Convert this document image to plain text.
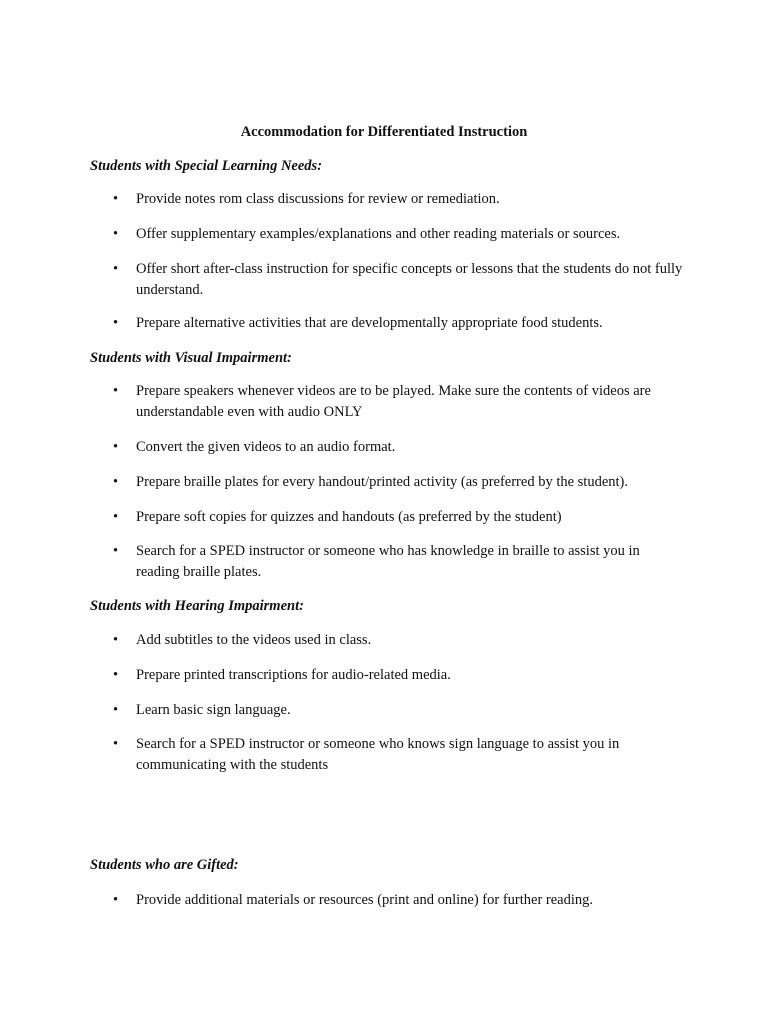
Accommodation for Differentiated Instruction
Students with Special Learning Needs:
• Provide notes rom class discussions for review or remediation.
• Offer supplementary examples/explanations and other reading materials or sources.
• Offer short after-class instruction for specific concepts or lessons that the students do not fully understand.
• Prepare alternative activities that are developmentally appropriate food students.
Students with Visual Impairment:
• Prepare speakers whenever videos are to be played. Make sure the contents of videos are understandable even with audio ONLY
• Convert the given videos to an audio format.
• Prepare braille plates for every handout/printed activity (as preferred by the student).
• Prepare soft copies for quizzes and handouts (as preferred by the student)
• Search for a SPED instructor or someone who has knowledge in braille to assist you in reading braille plates.
Students with Hearing Impairment:
• Add subtitles to the videos used in class.
• Prepare printed transcriptions for audio-related media.
• Learn basic sign language.
• Search for a SPED instructor or someone who knows sign language to assist you in communicating with the students
Students who are Gifted:
• Provide additional materials or resources (print and online) for further reading.
